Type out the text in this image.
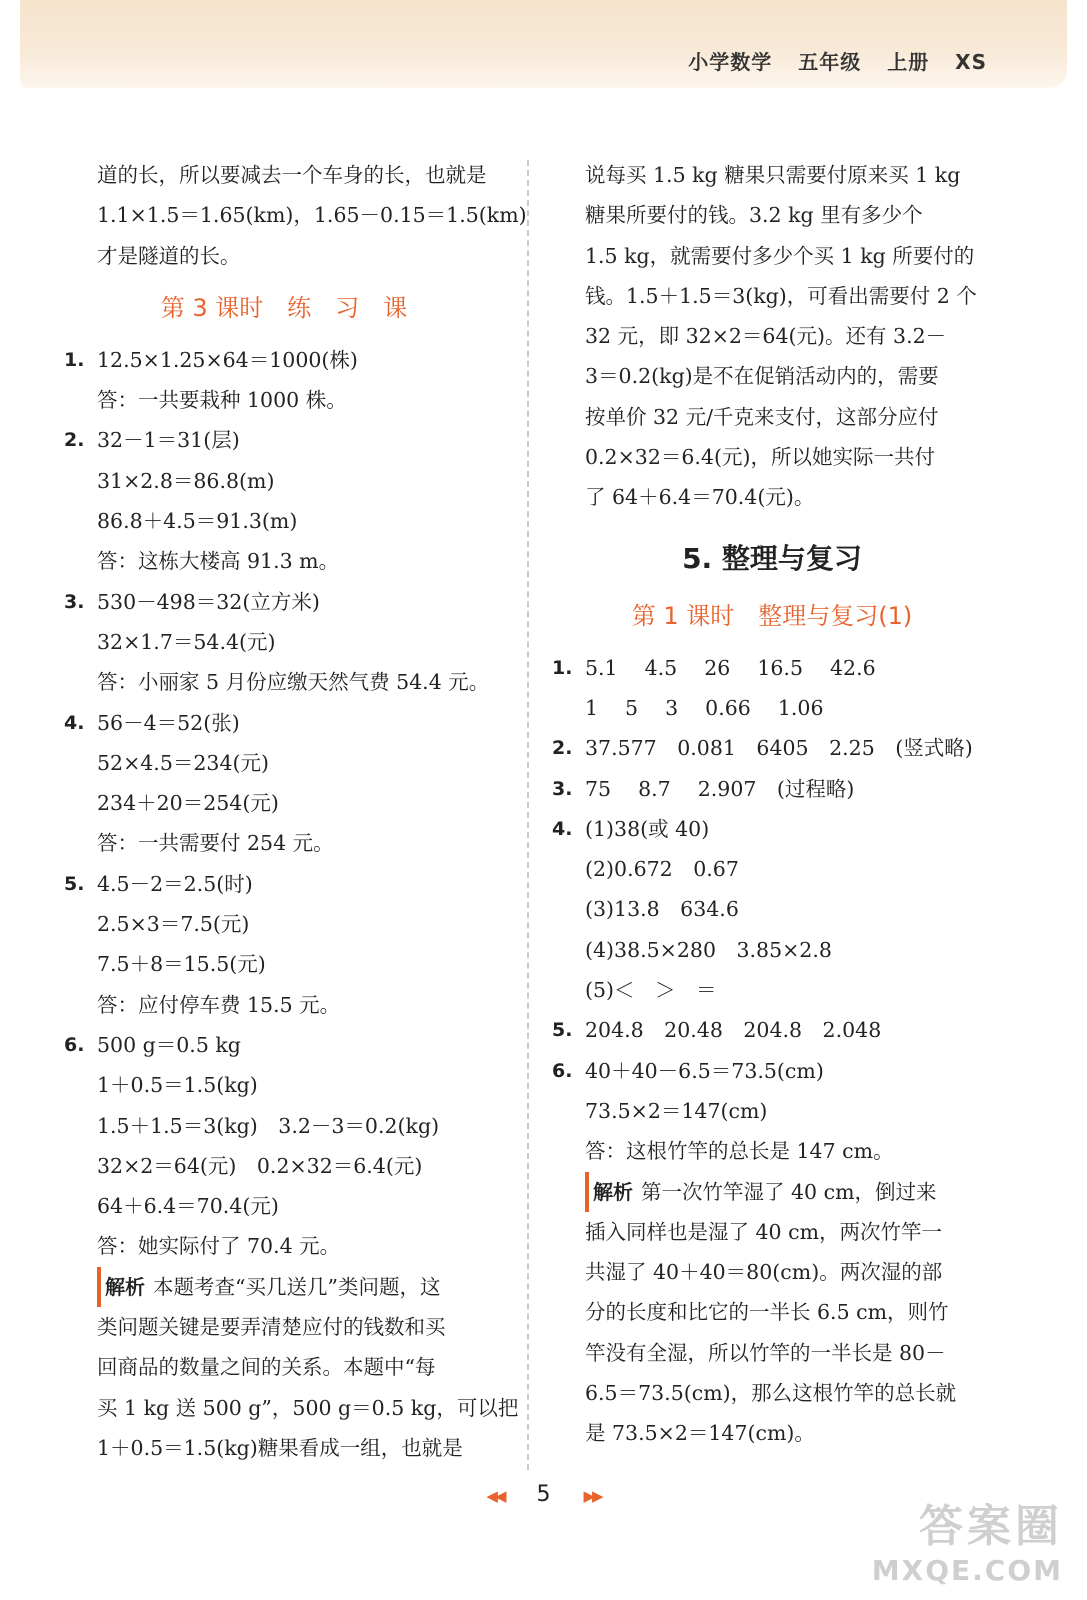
小学数学 五年级 上册 XS
道的长，所以要减去一个车身的长，也就是
1.1×1.5＝1.65(km)，1.65－0.15＝1.5(km)
才是隧道的长。
第 3 课时　练　习　课
1. 12.5×1.25×64＝1000(株)
答：一共要栽种 1000 株。
2. 32－1＝31(层)
31×2.8＝86.8(m)
86.8＋4.5＝91.3(m)
答：这栋大楼高 91.3 m。
3. 530－498＝32(立方米)
32×1.7＝54.4(元)
答：小丽家 5 月份应缴天然气费 54.4 元。
4. 56－4＝52(张)
52×4.5＝234(元)
234＋20＝254(元)
答：一共需要付 254 元。
5. 4.5－2＝2.5(时)
2.5×3＝7.5(元)
7.5＋8＝15.5(元)
答：应付停车费 15.5 元。
6. 500 g＝0.5 kg
1＋0.5＝1.5(kg)
1.5＋1.5＝3(kg)　3.2－3＝0.2(kg)
32×2＝64(元)　0.2×32＝6.4(元)
64＋6.4＝70.4(元)
答：她实际付了 70.4 元。
解析 本题考查“买几送几”类问题，这
类问题关键是要弄清楚应付的钱数和买
回商品的数量之间的关系。本题中“每
买 1 kg 送 500 g”，500 g＝0.5 kg，可以把
1＋0.5＝1.5(kg)糖果看成一组，也就是
说每买 1.5 kg 糖果只需要付原来买 1 kg
糖果所要付的钱。3.2 kg 里有多少个
1.5 kg，就需要付多少个买 1 kg 所要付的
钱。1.5＋1.5＝3(kg)，可看出需要付 2 个
32 元，即 32×2＝64(元)。还有 3.2－
3＝0.2(kg)是不在促销活动内的，需要
按单价 32 元/千克来支付，这部分应付
0.2×32＝6.4(元)，所以她实际一共付
了 64＋6.4＝70.4(元)。
5. 整理与复习
第 1 课时　整理与复习(1)
1. 5.1　 4.5　 26　 16.5　 42.6
1　 5　 3　 0.66　 1.06
2. 37.577　0.081　6405　2.25　(竖式略)
3. 75　 8.7　 2.907　(过程略)
4. (1)38(或 40)
(2)0.672　0.67
(3)13.8　634.6
(4)38.5×280　3.85×2.8
(5)＜　＞　＝
5. 204.8　20.48　204.8　2.048
6. 40＋40－6.5＝73.5(cm)
73.5×2＝147(cm)
答：这根竹竿的总长是 147 cm。
解析 第一次竹竿湿了 40 cm，倒过来
插入同样也是湿了 40 cm，两次竹竿一
共湿了 40＋40＝80(cm)。两次湿的部
分的长度和比它的一半长 6.5 cm，则竹
竿没有全湿，所以竹竿的一半长是 80－
6.5＝73.5(cm)，那么这根竹竿的总长就
是 73.5×2＝147(cm)。
◀◀ 5 ▶▶
答案圈
MXQE.COM
